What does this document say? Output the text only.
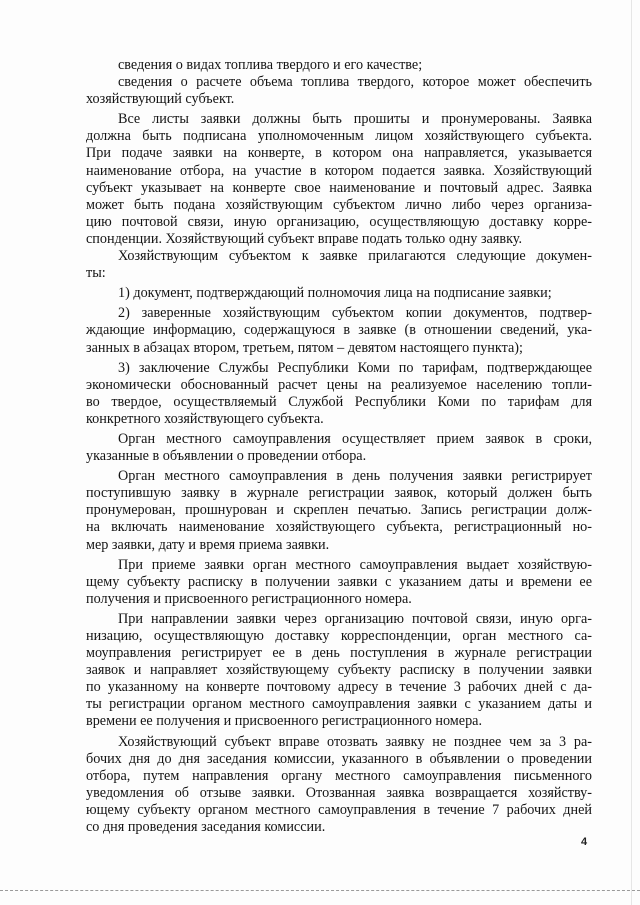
сведения о видах топлива твердого и его качестве;
сведения о расчете объема топлива твердого, которое может обеспечить
хозяйствующий субъект.
Все листы заявки должны быть прошиты и пронумерованы. Заявка
должна быть подписана уполномоченным лицом хозяйствующего субъекта.
При подаче заявки на конверте, в котором она направляется, указывается
наименование отбора, на участие в котором подается заявка. Хозяйствующий
субъект указывает на конверте свое наименование и почтовый адрес. Заявка
может быть подана хозяйствующим субъектом лично либо через организа-
цию почтовой связи, иную организацию, осуществляющую доставку корре-
спонденции. Хозяйствующий субъект вправе подать только одну заявку.
Хозяйствующим субъектом к заявке прилагаются следующие докумен-
ты:
1) документ, подтверждающий полномочия лица на подписание заявки;
2) заверенные хозяйствующим субъектом копии документов, подтвер-
ждающие информацию, содержащуюся в заявке (в отношении сведений, ука-
занных в абзацах втором, третьем, пятом – девятом настоящего пункта);
3) заключение Службы Республики Коми по тарифам, подтверждающее
экономически обоснованный расчет цены на реализуемое населению топли-
во твердое, осуществляемый Службой Республики Коми по тарифам для
конкретного хозяйствующего субъекта.
Орган местного самоуправления осуществляет прием заявок в сроки,
указанные в объявлении о проведении отбора.
Орган местного самоуправления в день получения заявки регистрирует
поступившую заявку в журнале регистрации заявок, который должен быть
пронумерован, прошнурован и скреплен печатью. Запись регистрации долж-
на включать наименование хозяйствующего субъекта, регистрационный но-
мер заявки, дату и время приема заявки.
При приеме заявки орган местного самоуправления выдает хозяйствую-
щему субъекту расписку в получении заявки с указанием даты и времени ее
получения и присвоенного регистрационного номера.
При направлении заявки через организацию почтовой связи, иную орга-
низацию, осуществляющую доставку корреспонденции, орган местного са-
моуправления регистрирует ее в день поступления в журнале регистрации
заявок и направляет хозяйствующему субъекту расписку в получении заявки
по указанному на конверте почтовому адресу в течение 3 рабочих дней с да-
ты регистрации органом местного самоуправления заявки с указанием даты и
времени ее получения и присвоенного регистрационного номера.
Хозяйствующий субъект вправе отозвать заявку не позднее чем за 3 ра-
бочих дня до дня заседания комиссии, указанного в объявлении о проведении
отбора, путем направления органу местного самоуправления письменного
уведомления об отзыве заявки. Отозванная заявка возвращается хозяйству-
ющему субъекту органом местного самоуправления в течение 7 рабочих дней
со дня проведения заседания комиссии.
4
